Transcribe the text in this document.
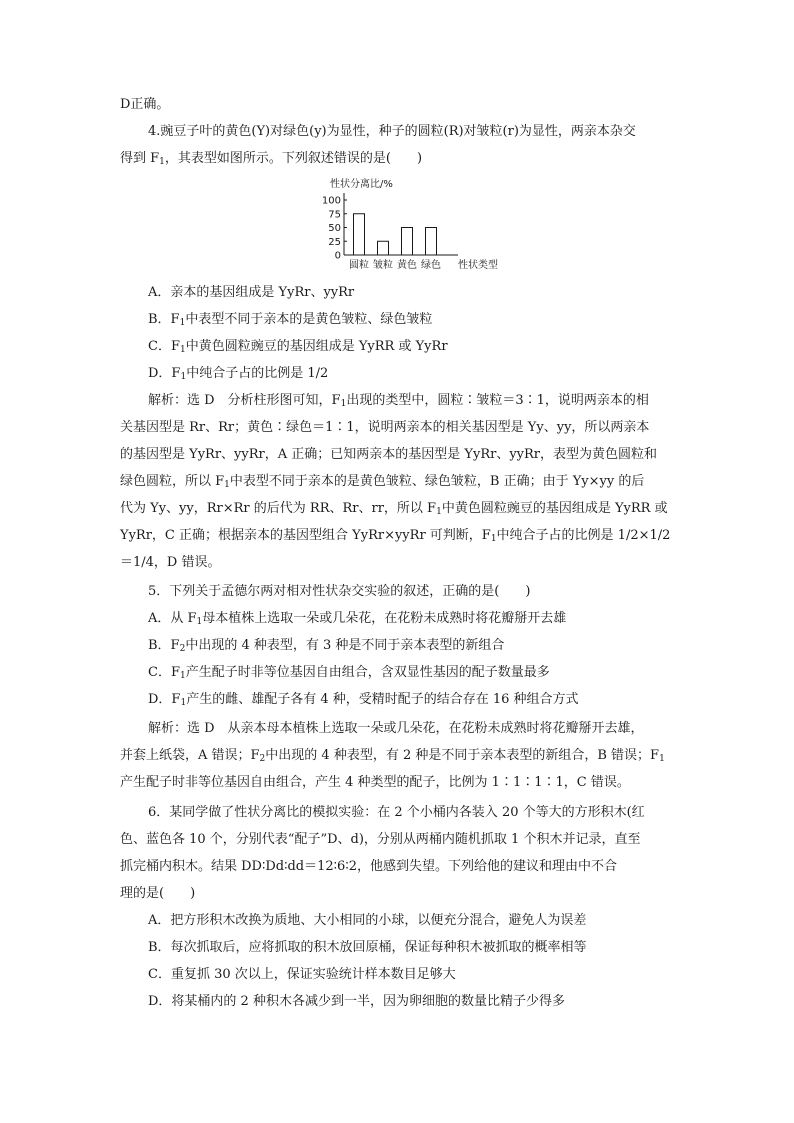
D正确。
4.豌豆子叶的黄色(Y)对绿色(y)为显性，种子的圆粒(R)对皱粒(r)为显性，两亲本杂交
得到 $F_1$，其表型如图所示。下列叙述错误的是(　　)
性状分离比/%
0
25
50
75
100
圆粒 皱粒 黄色 绿色 性状类型
A．亲本的基因组成是 YyRr、yyRr
B．$F_1$中表型不同于亲本的是黄色皱粒、绿色皱粒
C．$F_1$中黄色圆粒豌豆的基因组成是 YyRR 或 YyRr
D．$F_1$中纯合子占的比例是 1/2
解析：选 D　分析柱形图可知，$F_1$出现的类型中，圆粒∶皱粒＝3∶1，说明两亲本的相
关基因型是 Rr、Rr；黄色∶绿色＝1∶1，说明两亲本的相关基因型是 Yy、yy，所以两亲本
的基因型是 YyRr、yyRr，A 正确；已知两亲本的基因型是 YyRr、yyRr，表型为黄色圆粒和
绿色圆粒，所以 $F_1$中表型不同于亲本的是黄色皱粒、绿色皱粒，B 正确；由于 Yy×yy 的后
代为 Yy、yy，Rr×Rr 的后代为 RR、Rr、rr，所以 $F_1$中黄色圆粒豌豆的基因组成是 YyRR 或
YyRr，C 正确；根据亲本的基因型组合 YyRr×yyRr 可判断，$F_1$中纯合子占的比例是 1/2×1/2
＝1/4，D 错误。
5．下列关于孟德尔两对相对性状杂交实验的叙述，正确的是(　　)
A．从 $F_1$母本植株上选取一朵或几朵花，在花粉未成熟时将花瓣掰开去雄
B．$F_2$中出现的 4 种表型，有 3 种是不同于亲本表型的新组合
C．$F_1$产生配子时非等位基因自由组合，含双显性基因的配子数量最多
D．$F_1$产生的雌、雄配子各有 4 种，受精时配子的结合存在 16 种组合方式
解析：选 D　从亲本母本植株上选取一朵或几朵花，在花粉未成熟时将花瓣掰开去雄，
并套上纸袋，A 错误；$F_2$中出现的 4 种表型，有 2 种是不同于亲本表型的新组合，B 错误；$F_1$
产生配子时非等位基因自由组合，产生 4 种类型的配子，比例为 1∶1∶1∶1，C 错误。
6．某同学做了性状分离比的模拟实验：在 2 个小桶内各装入 20 个等大的方形积木(红
色、蓝色各 10 个，分别代表“配子”D、d)，分别从两桶内随机抓取 1 个积木并记录，直至
抓完桶内积木。结果 DD∶Dd∶dd＝12∶6∶2，他感到失望。下列给他的建议和理由中不合
理的是(　　)
A．把方形积木改换为质地、大小相同的小球，以便充分混合，避免人为误差
B．每次抓取后，应将抓取的积木放回原桶，保证每种积木被抓取的概率相等
C．重复抓 30 次以上，保证实验统计样本数目足够大
D．将某桶内的 2 种积木各减少到一半，因为卵细胞的数量比精子少得多
